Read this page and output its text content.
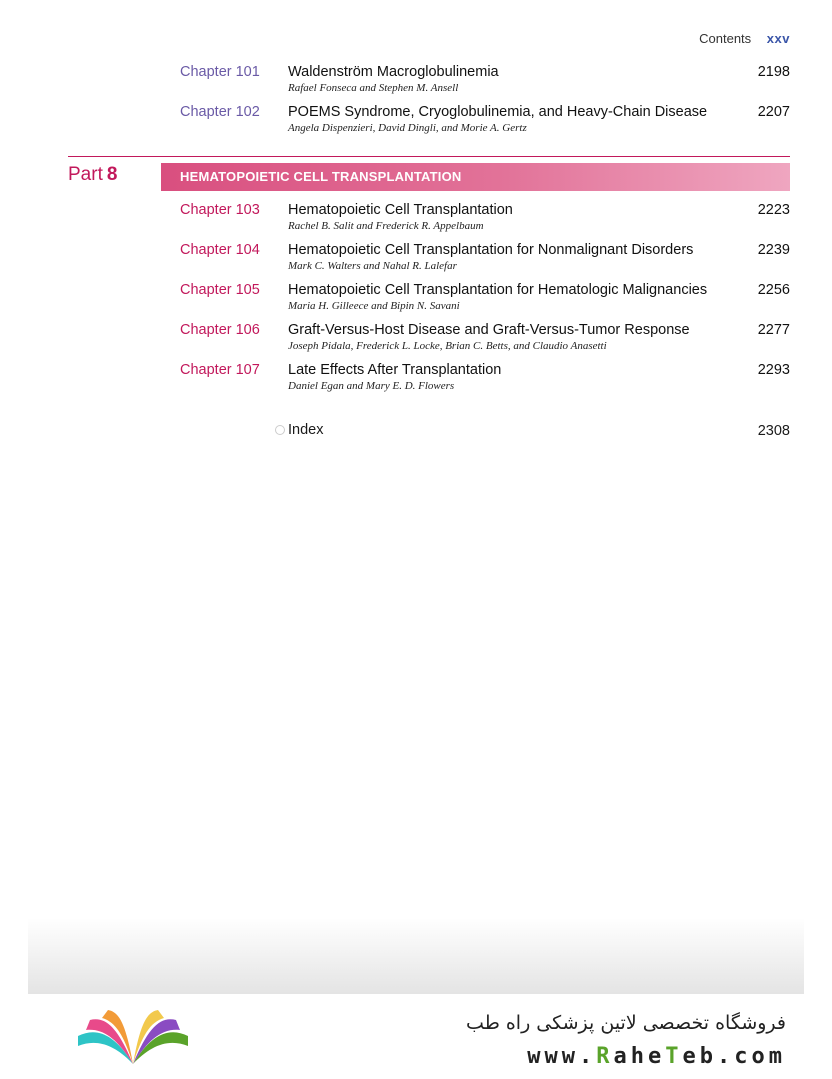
Contents xxv
Chapter 101 Waldenström Macroglobulinemia
Rafael Fonseca and Stephen M. Ansell
2198
Chapter 102 POEMS Syndrome, Cryoglobulinemia, and Heavy-Chain Disease
Angela Dispenzieri, David Dingli, and Morie A. Gertz
2207
Part 8	HEMATOPOIETIC CELL TRANSPLANTATION
Chapter 103 Hematopoietic Cell Transplantation
Rachel B. Salit and Frederick R. Appelbaum
2223
Chapter 104 Hematopoietic Cell Transplantation for Nonmalignant Disorders
Mark C. Walters and Nahal R. Lalefar
2239
Chapter 105 Hematopoietic Cell Transplantation for Hematologic Malignancies
Maria H. Gilleece and Bipin N. Savani
2256
Chapter 106 Graft-Versus-Host Disease and Graft-Versus-Tumor Response
Joseph Pidala, Frederick L. Locke, Brian C. Betts, and Claudio Anasetti
2277
Chapter 107 Late Effects After Transplantation
Daniel Egan and Mary E. D. Flowers
2293
Index	2308
فروشگاه تخصصی لاتین پزشکی راه طب
www.RaheTeb.com
